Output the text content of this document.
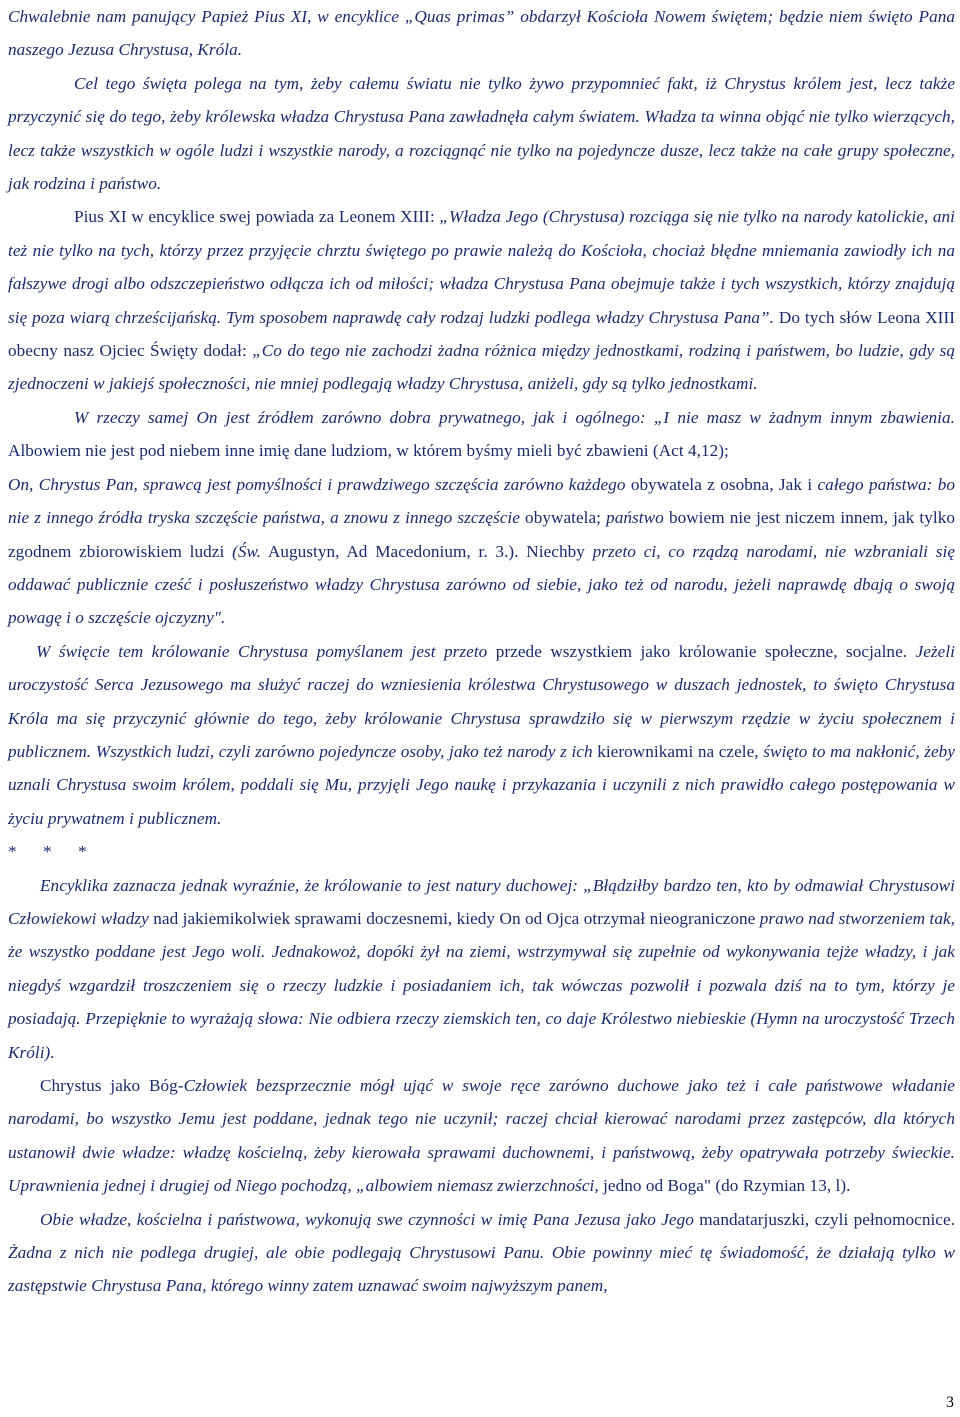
Chwalebnie nam panujący Papież Pius XI, w encyklice „Quas primas” obdarzył Kościoła Nowem świętem; będzie niem święto Pana naszego Jezusa Chrystusa, Króla.

Cel tego święta polega na tym, żeby całemu światu nie tylko żywo przypomnieć fakt, iż Chrystus królem jest, lecz także przyczynić się do tego, żeby królewska władza Chrystusa Pana zawładnęła całym światem. Władza ta winna objąć nie tylko wierzących, lecz także wszystkich w ogóle ludzi i wszystkie narody, a rozciągnąć nie tylko na pojedyncze dusze, lecz także na całe grupy społeczne, jak rodzina i państwo.

Pius XI w encyklice swej powiada za Leonem XIII: „Władza Jego (Chrystusa) rozciąga się nie tylko na narody katolickie, ani też nie tylko na tych, którzy przez przyjęcie chrztu świętego po prawie należą do Kościoła, chociaż błędne mniemania zawiodły ich na fałszywe drogi albo odszczepieństwo odłącza ich od miłości; władza Chrystusa Pana obejmuje także i tych wszystkich, którzy znajdują się poza wiarą chrześcijańską. Tym sposobem naprawdę cały rodzaj ludzki podlega władzy Chrystusa Pana”. Do tych słów Leona XIII obecny nasz Ojciec Święty dodał: „Co do tego nie zachodzi żadna różnica między jednostkami, rodziną i państwem, bo ludzie, gdy są zjednoczeni w jakiejś społeczności, nie mniej podlegają władzy Chrystusa, aniżeli, gdy są tylko jednostkami.

W rzeczy samej On jest źródłem zarówno dobra prywatnego, jak i ogólnego: „I nie masz w żadnym innym zbawienia. Albowiem nie jest pod niebem inne imię dane ludziom, w którem byśmy mieli być zbawieni (Act 4,12);

On, Chrystus Pan, sprawcą jest pomyślności i prawdziwego szczęścia zarówno każdego obywatela z osobna, Jak i całego państwa: bo nie z innego źródła tryska szczęście państwa, a znowu z innego szczęście obywatela; państwo bowiem nie jest niczem innem, jak tylko zgodnem zbiorowiskiem ludzi (Św. Augustyn, Ad Macedonium, r. 3.). Niechby przeto ci, co rządzą narodami, nie wzbraniali się oddawać publicznie cześć i posłuszeństwo władzy Chrystusa zarówno od siebie, jako też od narodu, jeżeli naprawdę dbają o swoją powagę i o szczęście ojczyzny".

W święcie tem królowanie Chrystusa pomyślanem jest przeto przede wszystkiem jako królowanie społeczne, socjalne. Jeżeli uroczystość Serca Jezusowego ma służyć raczej do wzniesienia królestwa Chrystusowego w duszach jednostek, to święto Chrystusa Króla ma się przyczynić głównie do tego, żeby królowanie Chrystusa sprawdziło się w pierwszym rzędzie w życiu społecznem i publicznem. Wszystkich ludzi, czyli zarówno pojedyncze osoby, jako też narody z ich kierownikami na czele, święto to ma nakłonić, żeby uznali Chrystusa swoim królem, poddali się Mu, przyjęli Jego naukę i przykazania i uczynili z nich prawidło całego postępowania w życiu prywatnem i publicznem.

* * *

Encyklika zaznacza jednak wyraźnie, że królowanie to jest natury duchowej: „Błądziłby bardzo ten, kto by odmawiał Chrystusowi Człowiekowi władzy nad jakiemikolwiek sprawami doczesnemi, kiedy On od Ojca otrzymał nieograniczone prawo nad stworzeniem tak, że wszystko poddane jest Jego woli. Jednakowoż, dopóki żył na ziemi, wstrzymywał się zupełnie od wykonywania tejże władzy, i jak niegdyś wzgardził troszczeniem się o rzeczy ludzkie i posiadaniem ich, tak wówczas pozwolił i pozwala dziś na to tym, którzy je posiadają. Przepięknie to wyrażają słowa: Nie odbiera rzeczy ziemskich ten, co daje Królestwo niebieskie (Hymn na uroczystość Trzech Króli).

Chrystus jako Bóg-Człowiek bezsprzecznie mógł ująć w swoje ręce zarówno duchowe jako też i całe państwowe władanie narodami, bo wszystko Jemu jest poddane, jednak tego nie uczynił; raczej chciał kierować narodami przez zastępców, dla których ustanowił dwie władze: władzę kościelną, żeby kierowała sprawami duchownemi, i państwową, żeby opatrywała potrzeby świeckie. Uprawnienia jednej i drugiej od Niego pochodzą, „albowiem niemasz zwierzchności, jedno od Boga" (do Rzymian 13, l).

Obie władze, kościelna i państwowa, wykonują swe czynności w imię Pana Jezusa jako Jego mandatarjuszki, czyli pełnomocnice. Żadna z nich nie podlega drugiej, ale obie podlegają Chrystusowi Panu. Obie powinny mieć tę świadomość, że działają tylko w zastępstwie Chrystusa Pana, którego winny zatem uznawać swoim najwyższym panem,

3
